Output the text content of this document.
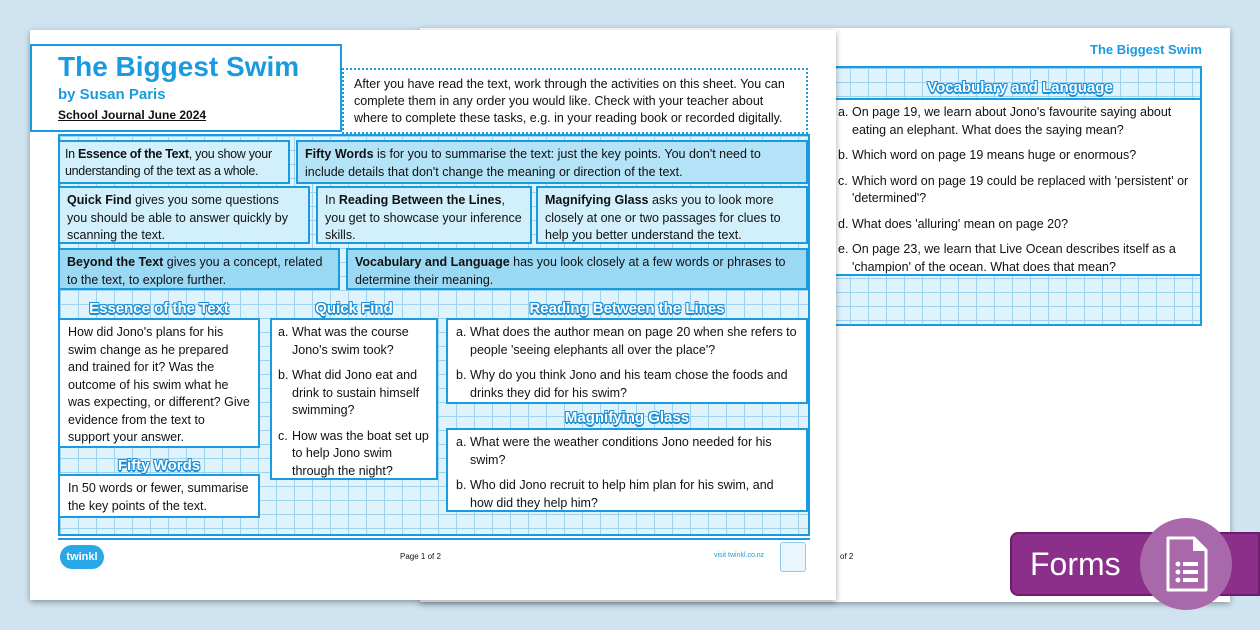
The Biggest Swim
Vocabulary and Language
a. On page 19, we learn about Jono's favourite saying about eating an elephant. What does the saying mean?
b. Which word on page 19 means huge or enormous?
c. Which word on page 19 could be replaced with 'persistent' or 'determined'?
d. What does 'alluring' mean on page 20?
e. On page 23, we learn that Live Ocean describes itself as a 'champion' of the ocean. What does that mean?
of 2
The Biggest Swim
by Susan Paris
School Journal June 2024
After you have read the text, work through the activities on this sheet. You can complete them in any order you would like. Check with your teacher about where to complete these tasks, e.g. in your reading book or recorded digitally.
In Essence of the Text, you show your understanding of the text as a whole.
Fifty Words is for you to summarise the text: just the key points. You don't need to include details that don't change the meaning or direction of the text.
Quick Find gives you some questions you should be able to answer quickly by scanning the text.
In Reading Between the Lines, you get to showcase your inference skills.
Magnifying Glass asks you to look more closely at one or two passages for clues to help you better understand the text.
Beyond the Text gives you a concept, related to the text, to explore further.
Vocabulary and Language has you look closely at a few words or phrases to determine their meaning.
Essence of the Text
How did Jono's plans for his swim change as he prepared and trained for it? Was the outcome of his swim what he was expecting, or different? Give evidence from the text to support your answer.
Fifty Words
In 50 words or fewer, summarise the key points of the text.
Quick Find
a. What was the course Jono's swim took?
b. What did Jono eat and drink to sustain himself swimming?
c. How was the boat set up to help Jono swim through the night?
Reading Between the Lines
a. What does the author mean on page 20 when she refers to people 'seeing elephants all over the place'?
b. Why do you think Jono and his team chose the foods and drinks they did for his swim?
Magnifying Glass
a. What were the weather conditions Jono needed for his swim?
b. Who did Jono recruit to help him plan for his swim, and how did they help him?
twinkl	Page 1 of 2	visit twinkl.co.nz	Forms
